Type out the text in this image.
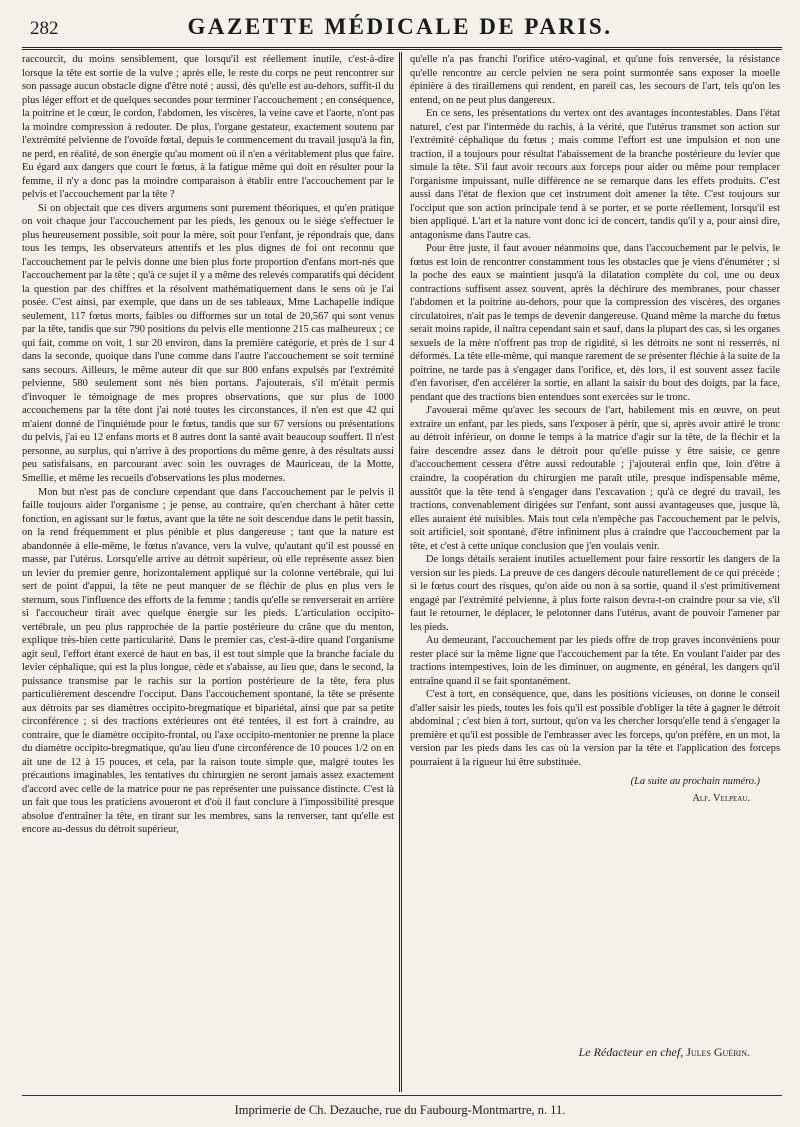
282	GAZETTE MÉDICALE DE PARIS.

raccourcit, du moins sensiblement, que lorsqu'il est réellement inutile, c'est-à-dire lorsque la tête est sortie de la vulve ; après elle, le reste du corps ne peut rencontrer sur son passage aucun obstacle digne d'être noté ; aussi, dès qu'elle est au-dehors, suffit-il du plus léger effort et de quelques secondes pour terminer l'accouchement ; en conséquence, la poitrine et le cœur, le cordon, l'abdomen, les viscères, la veine cave et l'aorte, n'ont pas la moindre compression à redouter. De plus, l'organe gestateur, exactement soutenu par l'extrémité pelvienne de l'ovoïde fœtal, depuis le commencement du travail jusqu'à la fin, ne perd, en réalité, de son énergie qu'au moment où il n'en a véritablement plus que faire. Eu égard aux dangers que court le fœtus, à la fatigue même qui doit en résulter pour la femme, il n'y a donc pas la moindre comparaison à établir entre l'accouchement par le pelvis et l'accouchement par la tête ?

Si on objectait que ces divers argumens sont purement théoriques, et qu'en pratique on voit chaque jour l'accouchement par les pieds, les genoux ou le siége s'effectuer le plus heureusement possible, soit pour la mère, soit pour l'enfant, je répondrais que, dans tous les temps, les observateurs attentifs et les plus dignes de foi ont reconnu que l'accouchement par le pelvis donne une bien plus forte proportion d'enfans mort-nés que l'accouchement par la tête ; qu'à ce sujet il y a même des relevés comparatifs qui décident la question par des chiffres et la résolvent mathématiquement dans le sens où je l'ai posée. C'est ainsi, par exemple, que dans un de ses tableaux, Mme Lachapelle indique seulement, 117 fœtus morts, faibles ou difformes sur un total de 20,567 qui sont venus par la tête, tandis que sur 790 positions du pelvis elle mentionne 215 cas malheureux ; ce qui fait, comme on voit, 1 sur 20 environ, dans la première catégorie, et près de 1 sur 4 dans la seconde, quoique dans l'une comme dans l'autre l'accouchement se soit terminé sans secours. Ailleurs, le même auteur dit que sur 800 enfans expulsés par l'extrémité pelvienne, 580 seulement sont nés bien portans. J'ajouterais, s'il m'était permis d'invoquer le témoignage de mes propres observations, que sur plus de 1000 accouchemens par la tête dont j'ai noté toutes les circonstances, il n'en est que 42 qui m'aient donné de l'inquiétude pour le fœtus, tandis que sur 67 versions ou présentations du pelvis, j'ai eu 12 enfans morts et 8 autres dont la santé avait beaucoup souffert. Il n'est personne, au surplus, qui n'arrive à des proportions du même genre, à des résultats aussi peu satisfaisans, en parcourant avec soin les ouvrages de Mauriceau, de la Motte, Smellie, et même les recueils d'observations les plus modernes.

Mon but n'est pas de conclure cependant que dans l'accouchement par le pelvis il faille toujours aider l'organisme ; je pense, au contraire, qu'en cherchant à hâter cette fonction, en agissant sur le fœtus, avant que la tête ne soit descendue dans le petit bassin, on la rend fréquemment et plus pénible et plus dangereuse ; tant que la nature est abandonnée à elle-même, le fœtus n'avance, vers la vulve, qu'autant qu'il est poussé en masse, par l'utérus. Lorsqu'elle arrive au détroit supérieur, où elle représente assez bien un levier du premier genre, horizontalement appliqué sur la colonne vertébrale, qui lui sert de point d'appui, la tête ne peut manquer de se fléchir de plus en plus vers le sternum, sous l'influence des efforts de la femme ; tandis qu'elle se renverserait en arrière si l'accoucheur tirait avec quelque énergie sur les pieds. L'articulation occipito-vertébrale, un peu plus rapprochée de la partie postérieure du crâne que du menton, explique très-bien cette particularité. Dans le premier cas, c'est-à-dire quand l'organisme agit seul, l'effort étant exercé de haut en bas, il est tout simple que la branche faciale du levier céphalique, qui est la plus longue, cède et s'abaisse, au lieu que, dans le second, la puissance transmise par le rachis sur la portion postérieure de la tête, fera plus particulièrement descendre l'occiput. Dans l'accouchement spontané, la tête se présente aux détroits par ses diamètres occipito-bregmatique et bipariétal, ainsi que par sa petite circonférence ; si des tractions extérieures ont été tentées, il est fort à craindre, au contraire, que le diamètre occipito-frontal, ou l'axe occipito-mentonier ne prenne la place du diamètre occipito-bregmatique, qu'au lieu d'une circonférence de 10 pouces 1/2 on en ait une de 12 à 15 pouces, et cela, par la raison toute simple que, malgré toutes les précautions imaginables, les tentatives du chirurgien ne seront jamais assez exactement d'accord avec celle de la matrice pour ne pas représenter une puissance distincte. C'est là un fait que tous les praticiens avoueront et d'où il faut conclure à l'impossibilité presque absolue d'entraîner la tête, en tirant sur les membres, sans la renverser, tant qu'elle est encore au-dessus du détroit supérieur,

qu'elle n'a pas franchi l'orifice utéro-vaginal, et qu'une fois renversée, la résistance qu'elle rencontre au cercle pelvien ne sera point surmontée sans exposer la moelle épinière à des tiraillemens qui rendent, en pareil cas, les secours de l'art, tels qu'on les entend, on ne peut plus dangereux.

En ce sens, les présentations du vertex ont des avantages incontestables. Dans l'état naturel, c'est par l'intermède du rachis, à la vérité, que l'utérus transmet son action sur l'extrémité céphalique du fœtus ; mais comme l'effort est une impulsion et non une traction, il a toujours pour résultat l'abaissement de la branche postérieure du levier que simule la tête. S'il faut avoir recours aux forceps pour aider ou même pour remplacer l'organisme impuissant, nulle différence ne se remarque dans les effets produits. C'est aussi dans l'état de flexion que cet instrument doit amener la tête. C'est toujours sur l'occiput que son action principale tend à se porter, et se porte réellement, lorsqu'il est bien appliqué. L'art et la nature vont donc ici de concert, tandis qu'il y a, pour ainsi dire, antagonisme dans l'autre cas.

Pour être juste, il faut avouer néanmoins que, dans l'accouchement par le pelvis, le fœtus est loin de rencontrer constamment tous les obstacles que je viens d'énumérer ; si la poche des eaux se maintient jusqu'à la dilatation complète du col, une ou deux contractions suffisent assez souvent, après la déchirure des membranes, pour chasser l'abdomen et la poitrine au-dehors, pour que la compression des viscères, des organes circulatoires, n'ait pas le temps de devenir dangereuse. Quand même la marche du fœtus serait moins rapide, il naîtra cependant sain et sauf, dans la plupart des cas, si les organes sexuels de la mère n'offrent pas trop de rigidité, si les détroits ne sont ni resserrés, ni déformés. La tête elle-même, qui manque rarement de se présenter fléchie à la suite de la poitrine, ne tarde pas à s'engager dans l'orifice, et, dès lors, il est souvent assez facile d'en favoriser, d'en accélérer la sortie, en allant la saisir du bout des doigts, par la face, pendant que des tractions bien entendues sont exercées sur le tronc.

J'avouerai même qu'avec les secours de l'art, habilement mis en œuvre, on peut extraire un enfant, par les pieds, sans l'exposer à périr, que si, après avoir attiré le tronc au détroit inférieur, on donne le temps à la matrice d'agir sur la tête, de la fléchir et la faire descendre assez dans le détroit pour qu'elle puisse y être saisie, ce genre d'accouchement cessera d'être aussi redoutable ; j'ajouterai enfin que, loin d'être à craindre, la coopération du chirurgien me paraît utile, presque indispensable même, aussitôt que la tête tend à s'engager dans l'excavation ; qu'à ce degré du travail, les tractions, convenablement dirigées sur l'enfant, sont aussi avantageuses que, jusque là, elles auraient été nuisibles. Mais tout cela n'empêche pas l'accouchement par le pelvis, soit artificiel, soit spontané, d'être infiniment plus à craindre que l'accouchement par la tête, et c'est à cette unique conclusion que j'en voulais venir.

De longs détails seraient inutiles actuellement pour faire ressortir les dangers de la version sur les pieds. La preuve de ces dangers découle naturellement de ce qui précède ; si le fœtus court des risques, qu'on aide ou non à sa sortie, quand il s'est primitivement engagé par l'extrémité pelvienne, à plus forte raison devra-t-on craindre pour sa vie, s'il faut le retourner, le déplacer, le pelotonner dans l'utérus, avant de pouvoir l'amener par les pieds.

Au demeurant, l'accouchement par les pieds offre de trop graves inconvéniens pour rester placé sur la même ligne que l'accouchement par la tête. En voulant l'aider par des tractions intempestives, loin de les diminuer, on augmente, en général, les dangers qu'il entraîne quand il se fait spontanément.

C'est à tort, en conséquence, que, dans les positions vicieuses, on donne le conseil d'aller saisir les pieds, toutes les fois qu'il est possible d'obliger la tête à gagner le détroit abdominal ; c'est bien à tort, surtout, qu'on va les chercher lorsqu'elle tend à s'engager la première et qu'il est possible de l'embrasser avec les forceps, qu'on préfère, en un mot, la version par les pieds dans les cas où la version par la tête et l'application des forceps pourraient à la rigueur lui être substituée.

(La suite au prochain numéro.)
Alf. Velpeau.
Le Rédacteur en chef, Jules Guérin.
Imprimerie de Ch. Dezauche, rue du Faubourg-Montmartre, n. 11.
